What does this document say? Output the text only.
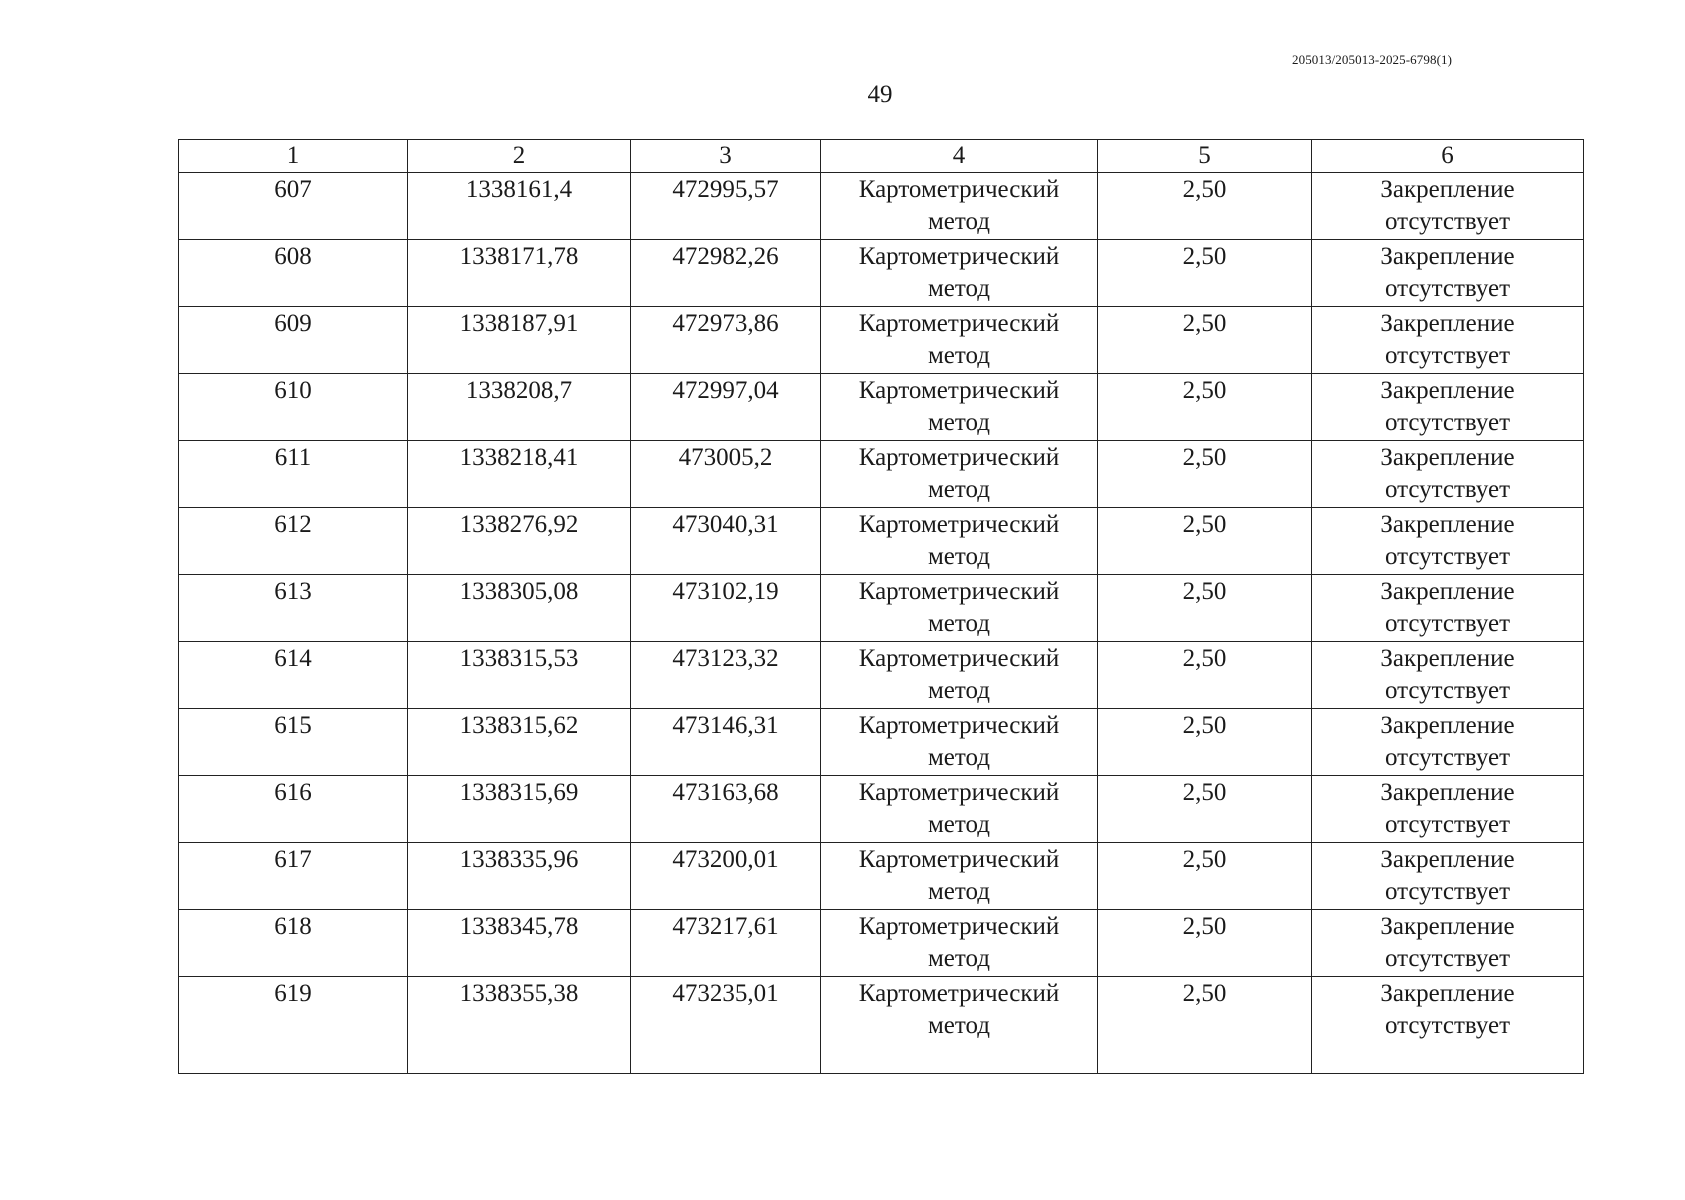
205013/205013-2025-6798(1)
49
1	2	3	4	5	6

607	1338161,4	472995,57	Картометрический метод	2,50	Закрепление отсутствует

608	1338171,78	472982,26	Картометрический метод	2,50	Закрепление отсутствует

609	1338187,91	472973,86	Картометрический метод	2,50	Закрепление отсутствует

610	1338208,7	472997,04	Картометрический метод	2,50	Закрепление отсутствует

611	1338218,41	473005,2	Картометрический метод	2,50	Закрепление отсутствует

612	1338276,92	473040,31	Картометрический метод	2,50	Закрепление отсутствует

613	1338305,08	473102,19	Картометрический метод	2,50	Закрепление отсутствует

614	1338315,53	473123,32	Картометрический метод	2,50	Закрепление отсутствует

615	1338315,62	473146,31	Картометрический метод	2,50	Закрепление отсутствует

616	1338315,69	473163,68	Картометрический метод	2,50	Закрепление отсутствует

617	1338335,96	473200,01	Картометрический метод	2,50	Закрепление отсутствует

618	1338345,78	473217,61	Картометрический метод	2,50	Закрепление отсутствует

619	1338355,38	473235,01	Картометрический метод	2,50	Закрепление отсутствует
